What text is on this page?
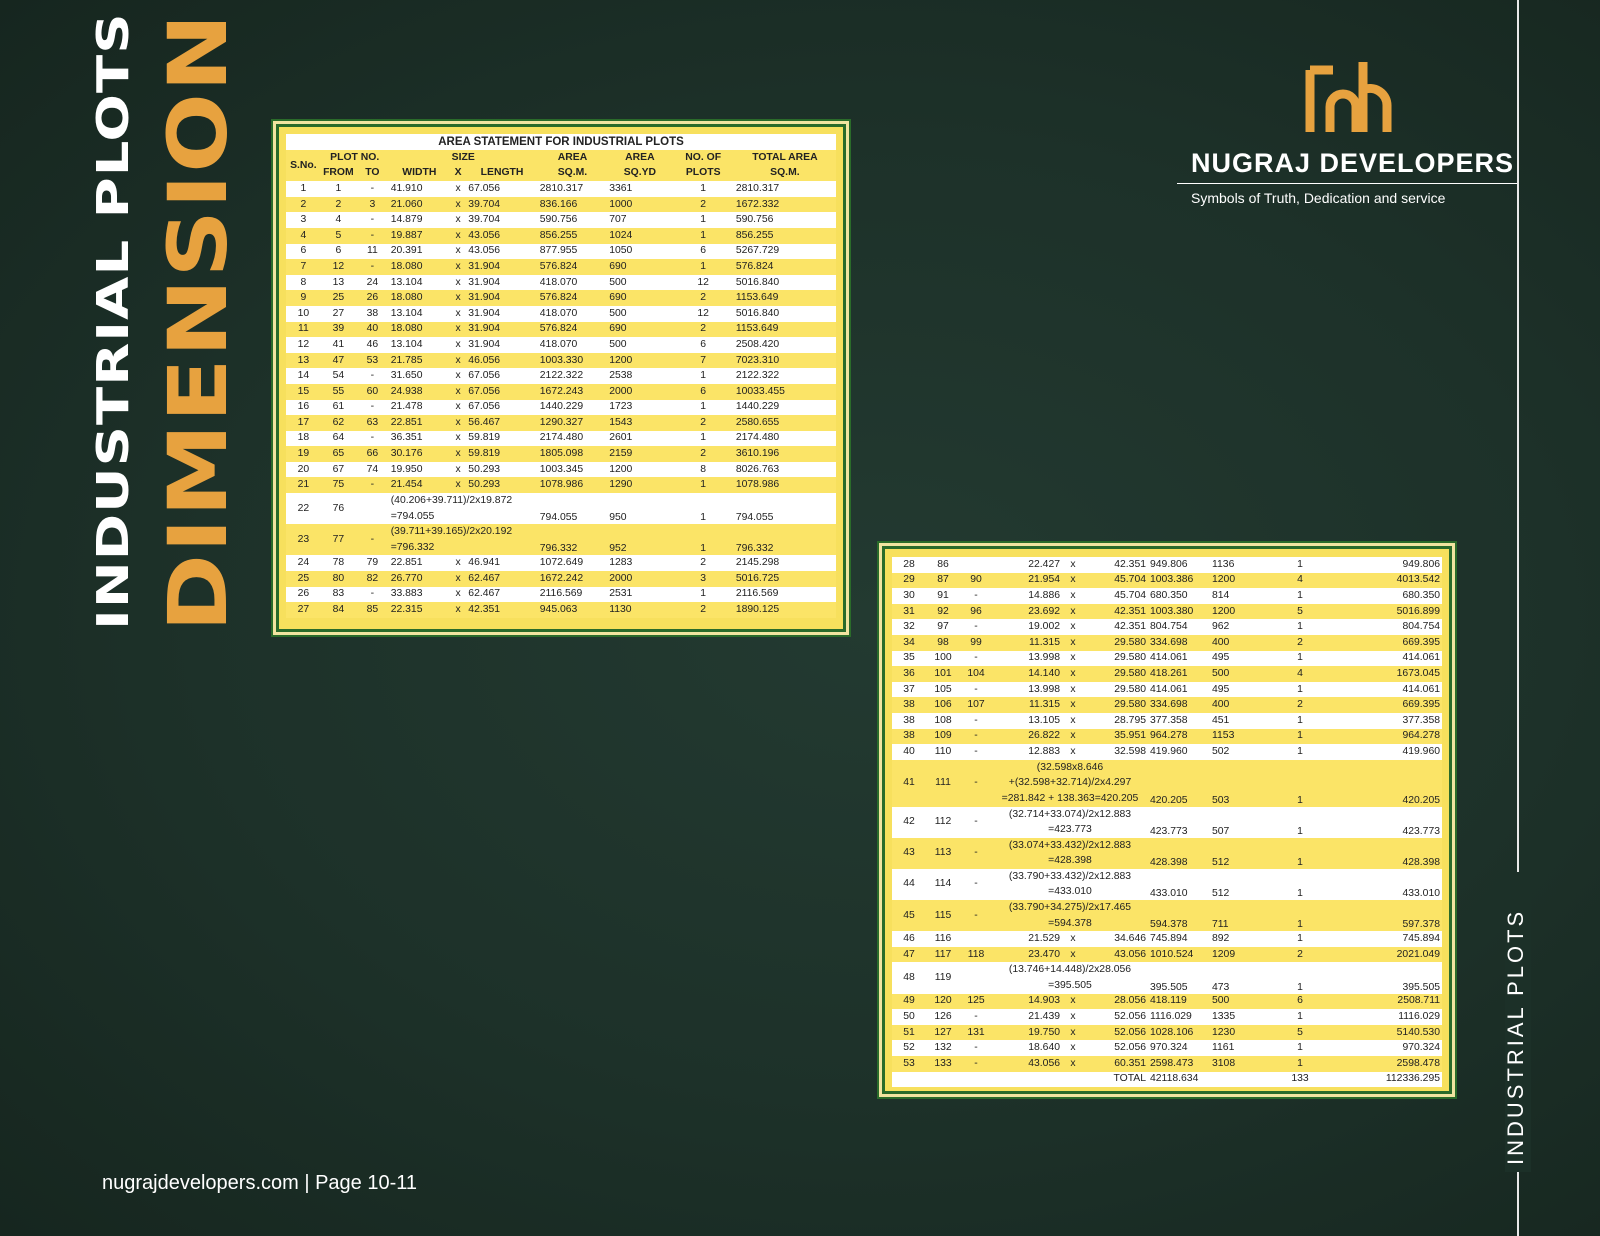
NUGRAJ DEVELOPERS
Symbols of Truth, Dedication and service
INDUSTRIAL PLOTS DIMENSION
INDUSTRIAL PLOTS
nugrajdevelopers.com | Page 10-11
AREA STATEMENT FOR INDUSTRIAL PLOTS									
S.No.	PLOT NO.		SIZE			AREA	AREA	NO. OF	TOTAL AREA
	FROM	TO	WIDTH	X	LENGTH	SQ.M.	SQ.YD	PLOTS	SQ.M.
1	1	-	41.910	x	67.056	2810.317	3361	1	2810.317
2	2	3	21.060	x	39.704	836.166	1000	2	1672.332
3	4	-	14.879	x	39.704	590.756	707	1	590.756
4	5	-	19.887	x	43.056	856.255	1024	1	856.255
6	6	11	20.391	x	43.056	877.955	1050	6	5267.729
7	12	-	18.080	x	31.904	576.824	690	1	576.824
8	13	24	13.104	x	31.904	418.070	500	12	5016.840
9	25	26	18.080	x	31.904	576.824	690	2	1153.649
10	27	38	13.104	x	31.904	418.070	500	12	5016.840
11	39	40	18.080	x	31.904	576.824	690	2	1153.649
12	41	46	13.104	x	31.904	418.070	500	6	2508.420
13	47	53	21.785	x	46.056	1003.330	1200	7	7023.310
14	54	-	31.650	x	67.056	2122.322	2538	1	2122.322
15	55	60	24.938	x	67.056	1672.243	2000	6	10033.455
16	61	-	21.478	x	67.056	1440.229	1723	1	1440.229
17	62	63	22.851	x	56.467	1290.327	1543	2	2580.655
18	64	-	36.351	x	59.819	2174.480	2601	1	2174.480
19	65	66	30.176	x	59.819	1805.098	2159	2	3610.196
20	67	74	19.950	x	50.293	1003.345	1200	8	8026.763
21	75	-	21.454	x	50.293	1078.986	1290	1	1078.986
22	76		(40.206+39.711)/2x19.872
=794.055			794.055	950	1	794.055
23	77	-	(39.711+39.165)/2x20.192
=796.332			796.332	952	1	796.332
24	78	79	22.851	x	46.941	1072.649	1283	2	2145.298
25	80	82	26.770	x	62.467	1672.242	2000	3	5016.725
26	83	-	33.883	x	62.467	2116.569	2531	1	2116.569
27	84	85	22.315	x	42.351	945.063	1130	2	1890.125
28	86		22.427	x	42.351	949.806	1136	1	949.806
29	87	90	21.954	x	45.704	1003.386	1200	4	4013.542
30	91	-	14.886	x	45.704	680.350	814	1	680.350
31	92	96	23.692	x	42.351	1003.380	1200	5	5016.899
32	97	-	19.002	x	42.351	804.754	962	1	804.754
34	98	99	11.315	x	29.580	334.698	400	2	669.395
35	100	-	13.998	x	29.580	414.061	495	1	414.061
36	101	104	14.140	x	29.580	418.261	500	4	1673.045
37	105	-	13.998	x	29.580	414.061	495	1	414.061
38	106	107	11.315	x	29.580	334.698	400	2	669.395
38	108	-	13.105	x	28.795	377.358	451	1	377.358
38	109	-	26.822	x	35.951	964.278	1153	1	964.278
40	110	-	12.883	x	32.598	419.960	502	1	419.960
41	111	-	(32.598x8.646
+(32.598+32.714)/2x4.297
=281.842 + 138.363=420.205			420.205	503	1	420.205
42	112	-	(32.714+33.074)/2x12.883
=423.773			423.773	507	1	423.773
43	113	-	(33.074+33.432)/2x12.883
=428.398			428.398	512	1	428.398
44	114	-	(33.790+33.432)/2x12.883
=433.010			433.010	512	1	433.010
45	115	-	(33.790+34.275)/2x17.465
=594.378			594.378	711	1	597.378
46	116		21.529	x	34.646	745.894	892	1	745.894
47	117	118	23.470	x	43.056	1010.524	1209	2	2021.049
48	119		(13.746+14.448)/2x28.056
=395.505			395.505	473	1	395.505
49	120	125	14.903	x	28.056	418.119	500	6	2508.711
50	126	-	21.439	x	52.056	1116.029	1335	1	1116.029
51	127	131	19.750	x	52.056	1028.106	1230	5	5140.530
52	132	-	18.640	x	52.056	970.324	1161	1	970.324
53	133	-	43.056	x	60.351	2598.473	3108	1	2598.478
					TOTAL	42118.634		133	112336.295
